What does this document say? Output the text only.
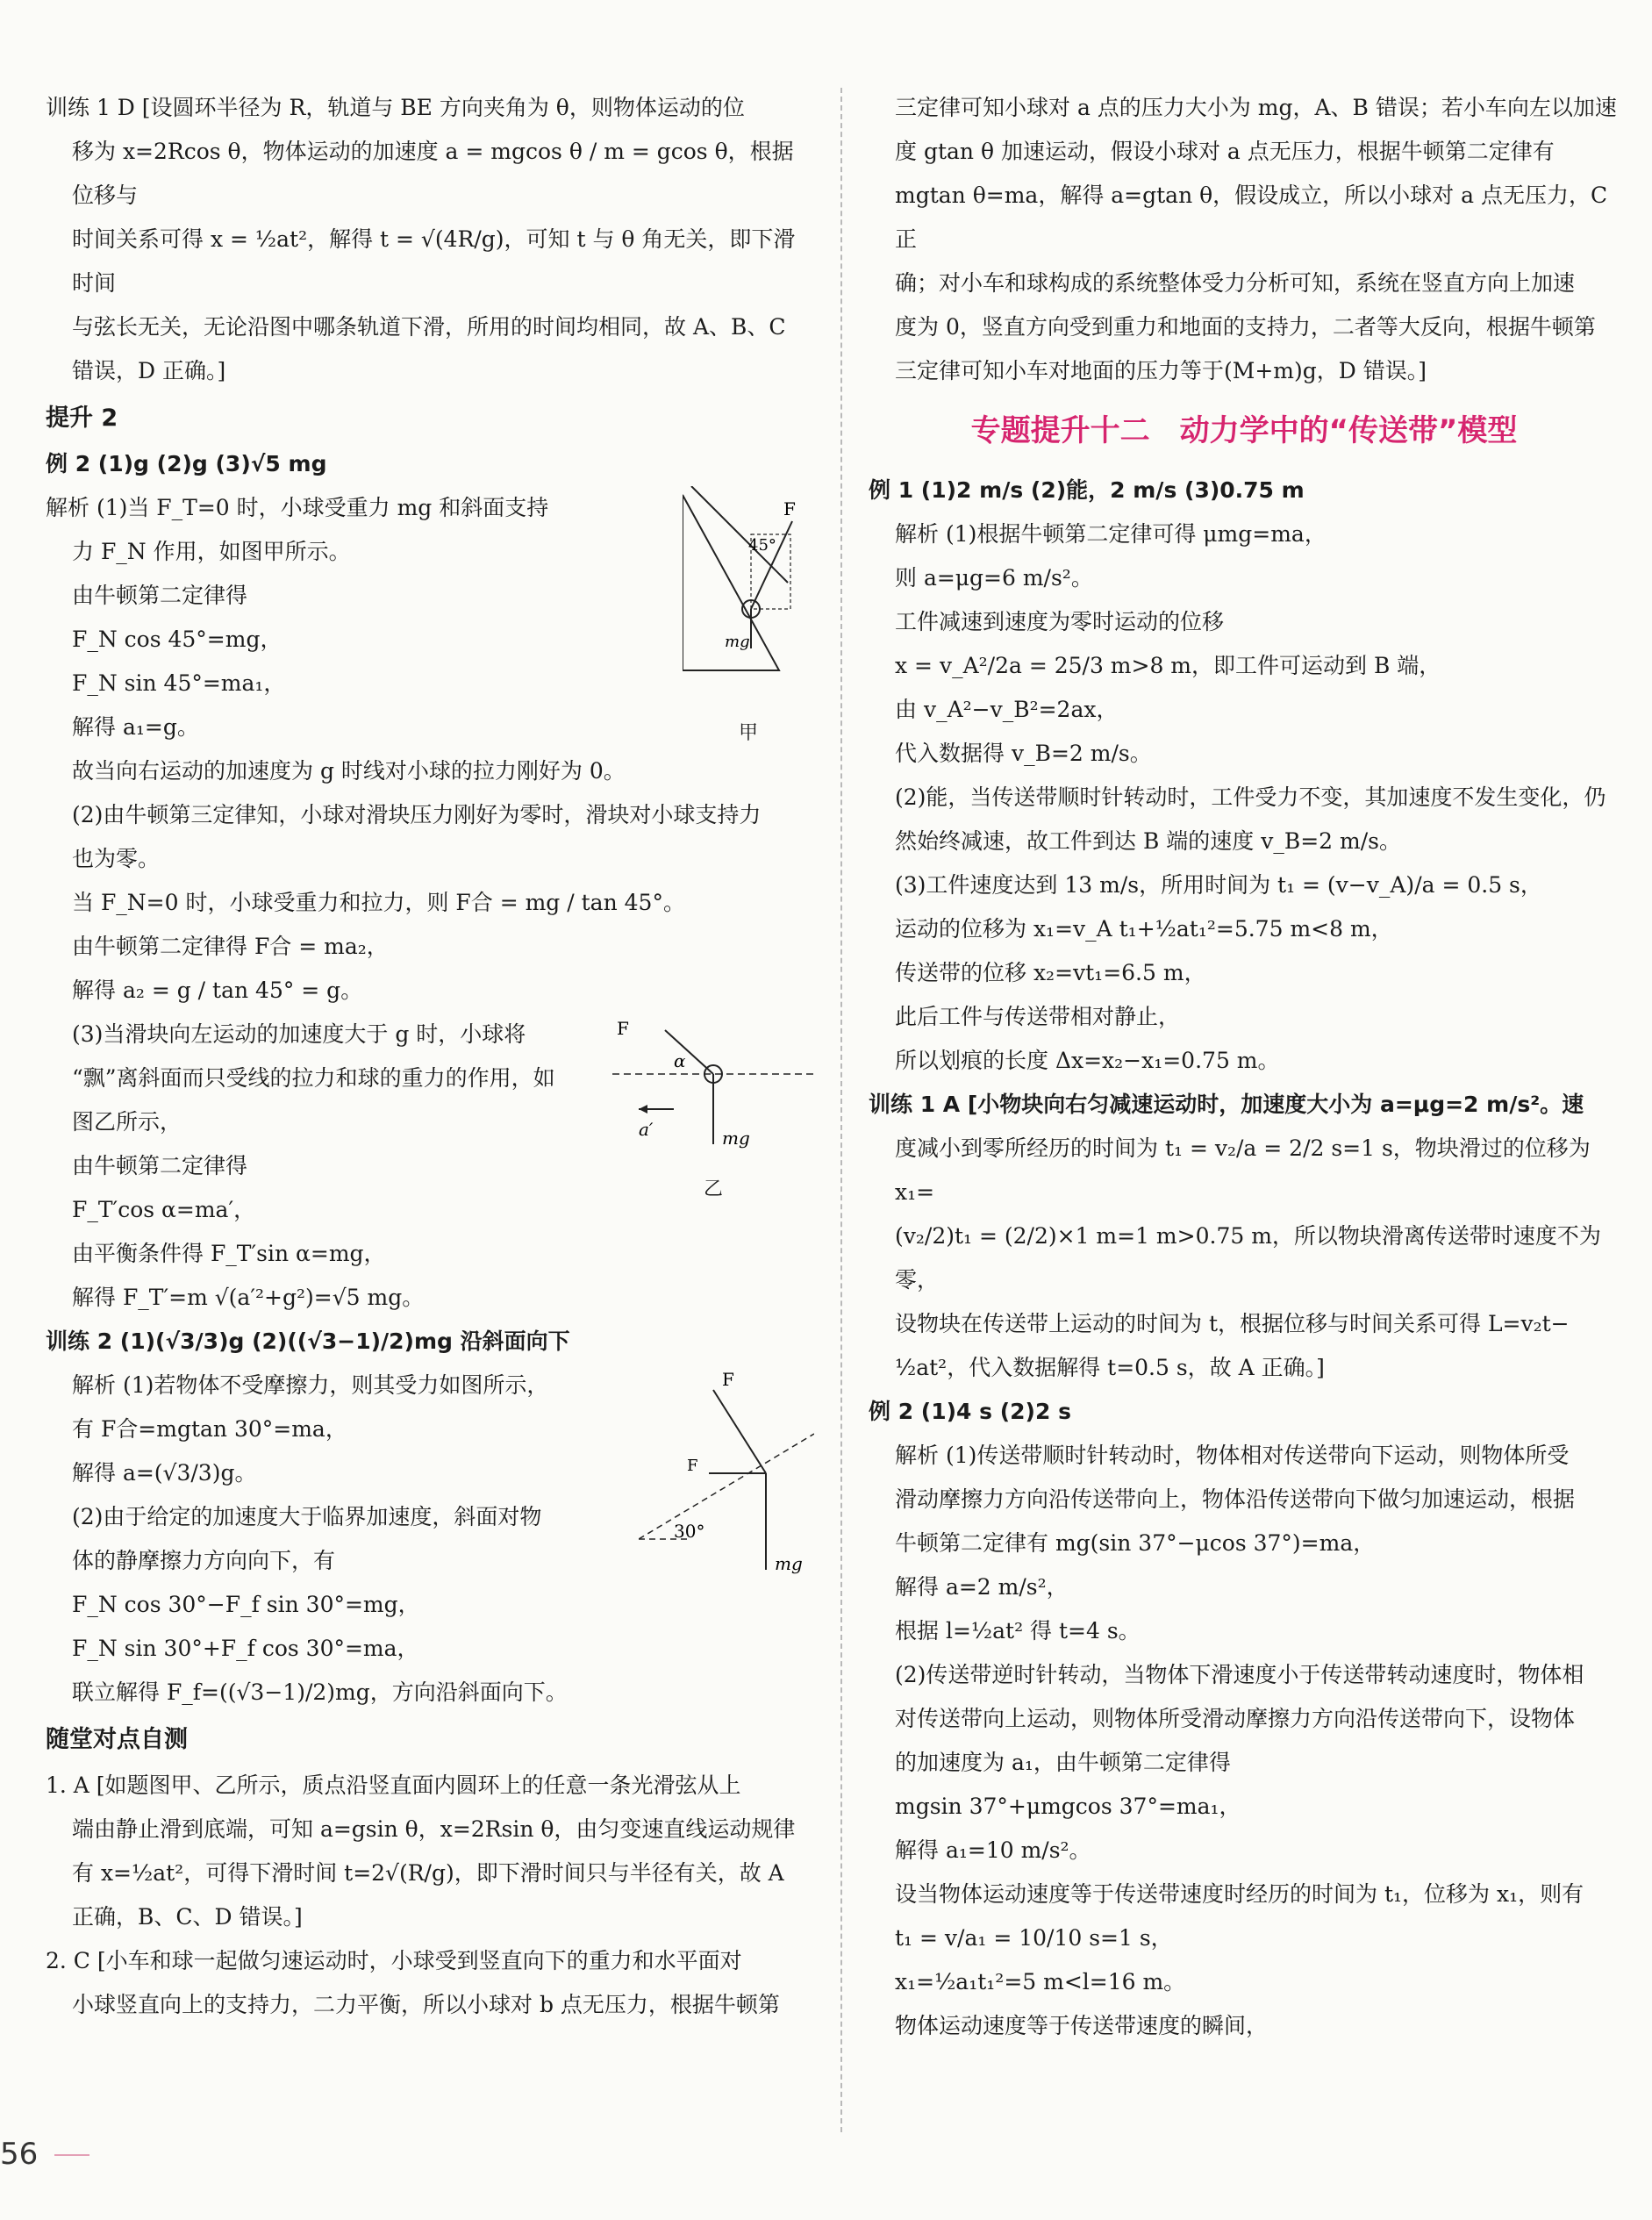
训练 1 D [设圆环半径为 R，轨道与 BE 方向夹角为 θ，则物体运动的位

移为 x=2Rcos θ，物体运动的加速度 a = mgcos θ / m = gcos θ，根据位移与

时间关系可得 x = ½at²，解得 t = √(4R/g)，可知 t 与 θ 角无关，即下滑时间

与弦长无关，无论沿图中哪条轨道下滑，所用的时间均相同，故 A、B、C

错误，D 正确。]

提升 2

例 2 (1)g (2)g (3)√5 mg

F
45°
mg
甲

解析 (1)当 F_T=0 时，小球受重力 mg 和斜面支持

力 F_N 作用，如图甲所示。

由牛顿第二定律得

F_N cos 45°=mg，

F_N sin 45°=ma₁，

解得 a₁=g。

故当向右运动的加速度为 g 时线对小球的拉力刚好为 0。

(2)由牛顿第三定律知，小球对滑块压力刚好为零时，滑块对小球支持力

也为零。

当 F_N=0 时，小球受重力和拉力，则 F合 = mg / tan 45°。

由牛顿第二定律得 F合 = ma₂，

解得 a₂ = g / tan 45° = g。

F
α
a′	mg
乙

(3)当滑块向左运动的加速度大于 g 时，小球将

“飘”离斜面而只受线的拉力和球的重力的作用，如

图乙所示，

由牛顿第二定律得

F_T′cos α=ma′，

由平衡条件得 F_T′sin α=mg，

解得 F_T′=m √(a′²+g²)=√5 mg。

训练 2 (1)(√3/3)g (2)((√3−1)/2)mg 沿斜面向下

F
F
30°
mg

解析 (1)若物体不受摩擦力，则其受力如图所示，

有 F合=mgtan 30°=ma，

解得 a=(√3/3)g。

(2)由于给定的加速度大于临界加速度，斜面对物

体的静摩擦力方向向下，有

F_N cos 30°−F_f sin 30°=mg，

F_N sin 30°+F_f cos 30°=ma，

联立解得 F_f=((√3−1)/2)mg，方向沿斜面向下。

随堂对点自测

1. A [如题图甲、乙所示，质点沿竖直面内圆环上的任意一条光滑弦从上

端由静止滑到底端，可知 a=gsin θ，x=2Rsin θ，由匀变速直线运动规律

有 x=½at²，可得下滑时间 t=2√(R/g)，即下滑时间只与半径有关，故 A

正确，B、C、D 错误。]

2. C [小车和球一起做匀速运动时，小球受到竖直向下的重力和水平面对

小球竖直向上的支持力，二力平衡，所以小球对 b 点无压力，根据牛顿第

三定律可知小球对 a 点的压力大小为 mg，A、B 错误；若小车向左以加速

度 gtan θ 加速运动，假设小球对 a 点无压力，根据牛顿第二定律有

mgtan θ=ma，解得 a=gtan θ，假设成立，所以小球对 a 点无压力，C 正

确；对小车和球构成的系统整体受力分析可知，系统在竖直方向上加速

度为 0，竖直方向受到重力和地面的支持力，二者等大反向，根据牛顿第

三定律可知小车对地面的压力等于(M+m)g，D 错误。]

专题提升十二　动力学中的“传送带”模型

例 1 (1)2 m/s (2)能，2 m/s (3)0.75 m

解析 (1)根据牛顿第二定律可得 μmg=ma，

则 a=μg=6 m/s²。

工件减速到速度为零时运动的位移

x = v_A²/2a = 25/3 m>8 m，即工件可运动到 B 端，

由 v_A²−v_B²=2ax，

代入数据得 v_B=2 m/s。

(2)能，当传送带顺时针转动时，工件受力不变，其加速度不发生变化，仍

然始终减速，故工件到达 B 端的速度 v_B=2 m/s。

(3)工件速度达到 13 m/s，所用时间为 t₁ = (v−v_A)/a = 0.5 s，

运动的位移为 x₁=v_A t₁+½at₁²=5.75 m<8 m，

传送带的位移 x₂=vt₁=6.5 m，

此后工件与传送带相对静止，

所以划痕的长度 Δx=x₂−x₁=0.75 m。

训练 1 A [小物块向右匀减速运动时，加速度大小为 a=μg=2 m/s²。速

度减小到零所经历的时间为 t₁ = v₂/a = 2/2 s=1 s，物块滑过的位移为 x₁=

(v₂/2)t₁ = (2/2)×1 m=1 m>0.75 m，所以物块滑离传送带时速度不为零，

设物块在传送带上运动的时间为 t，根据位移与时间关系可得 L=v₂t−

½at²，代入数据解得 t=0.5 s，故 A 正确。]

例 2 (1)4 s (2)2 s

解析 (1)传送带顺时针转动时，物体相对传送带向下运动，则物体所受

滑动摩擦力方向沿传送带向上，物体沿传送带向下做匀加速运动，根据

牛顿第二定律有 mg(sin 37°−μcos 37°)=ma，

解得 a=2 m/s²，

根据 l=½at² 得 t=4 s。

(2)传送带逆时针转动，当物体下滑速度小于传送带转动速度时，物体相

对传送带向上运动，则物体所受滑动摩擦力方向沿传送带向下，设物体

的加速度为 a₁，由牛顿第二定律得

mgsin 37°+μmgcos 37°=ma₁，

解得 a₁=10 m/s²。

设当物体运动速度等于传送带速度时经历的时间为 t₁，位移为 x₁，则有

t₁ = v/a₁ = 10/10 s=1 s，

x₁=½a₁t₁²=5 m<l=16 m。

物体运动速度等于传送带速度的瞬间，

56
